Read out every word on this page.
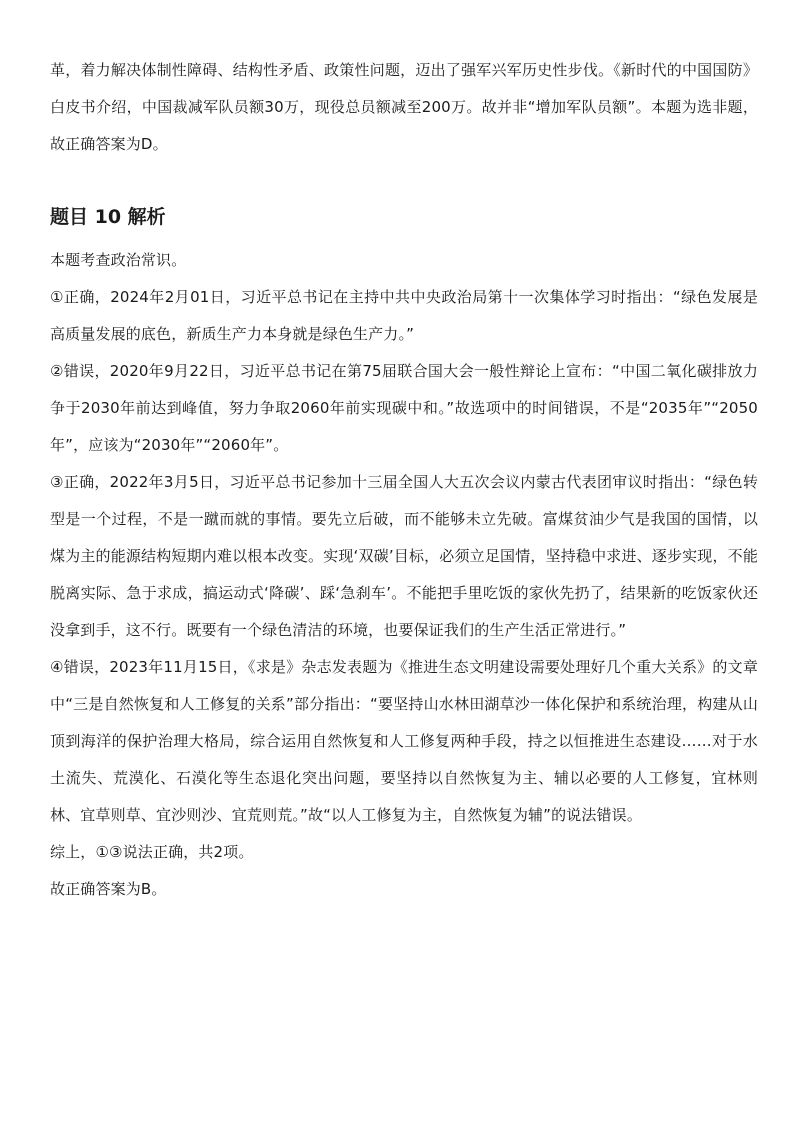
革，着力解决体制性障碍、结构性矛盾、政策性问题，迈出了强军兴军历史性步伐。《新时代的中国国防》白皮书介绍，中国裁减军队员额30万，现役总员额减至200万。故并非“增加军队员额”。本题为选非题，故正确答案为D。

题目 10 解析

本题考查政治常识。

①正确，2024年2月01日，习近平总书记在主持中共中央政治局第十一次集体学习时指出：“绿色发展是高质量发展的底色，新质生产力本身就是绿色生产力。”

②错误，2020年9月22日，习近平总书记在第75届联合国大会一般性辩论上宣布：“中国二氧化碳排放力争于2030年前达到峰值，努力争取2060年前实现碳中和。”故选项中的时间错误，不是“2035年”“2050年”，应该为“2030年”“2060年”。

③正确，2022年3月5日，习近平总书记参加十三届全国人大五次会议内蒙古代表团审议时指出：“绿色转型是一个过程，不是一蹴而就的事情。要先立后破，而不能够未立先破。富煤贫油少气是我国的国情，以煤为主的能源结构短期内难以根本改变。实现‘双碳’目标，必须立足国情，坚持稳中求进、逐步实现，不能脱离实际、急于求成，搞运动式‘降碳’、踩‘急刹车’。不能把手里吃饭的家伙先扔了，结果新的吃饭家伙还没拿到手，这不行。既要有一个绿色清洁的环境，也要保证我们的生产生活正常进行。”

④错误，2023年11月15日，《求是》杂志发表题为《推进生态文明建设需要处理好几个重大关系》的文章中“三是自然恢复和人工修复的关系”部分指出：“要坚持山水林田湖草沙一体化保护和系统治理，构建从山顶到海洋的保护治理大格局，综合运用自然恢复和人工修复两种手段，持之以恒推进生态建设……对于水土流失、荒漠化、石漠化等生态退化突出问题，要坚持以自然恢复为主、辅以必要的人工修复，宜林则林、宜草则草、宜沙则沙、宜荒则荒。”故“以人工修复为主，自然恢复为辅”的说法错误。

综上，①③说法正确，共2项。

故正确答案为B。
